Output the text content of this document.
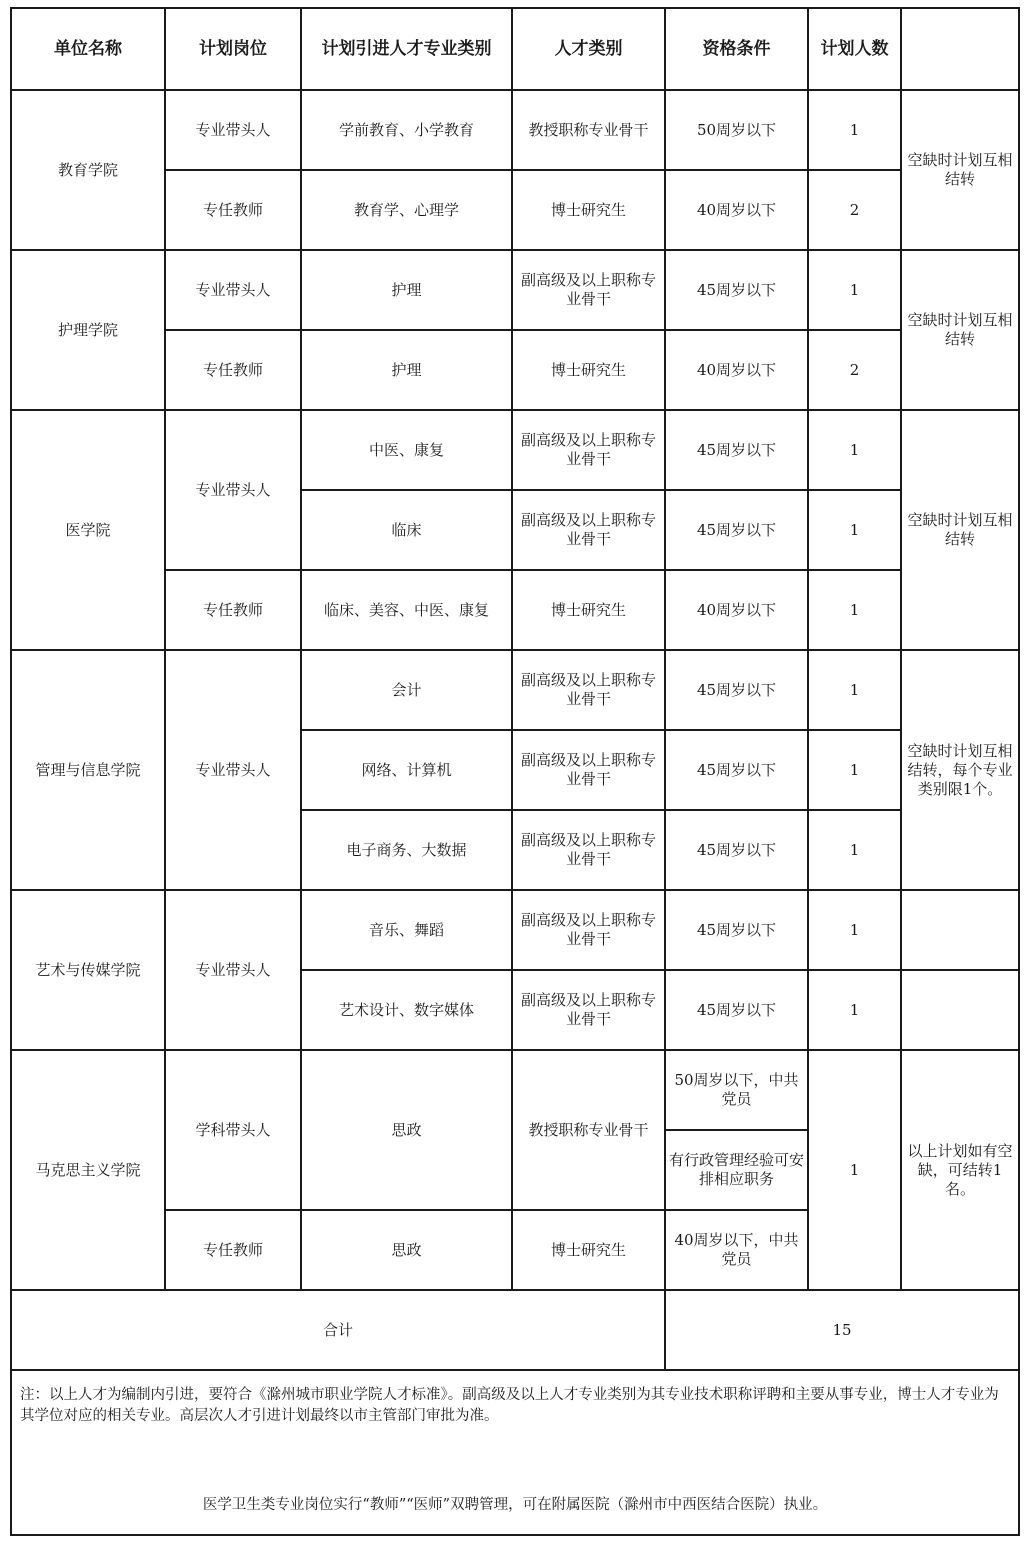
单位名称	计划岗位	计划引进人才专业类别	人才类别	资格条件	计划人数	
教育学院	专业带头人	学前教育、小学教育	教授职称专业骨干	50周岁以下	1	空缺时计划互相结转
	专任教师	教育学、心理学	博士研究生	40周岁以下	2	
护理学院	专业带头人	护理	副高级及以上职称专业骨干	45周岁以下	1	空缺时计划互相结转
	专任教师	护理	博士研究生	40周岁以下	2	
医学院	专业带头人	中医、康复	副高级及以上职称专业骨干	45周岁以下	1	空缺时计划互相结转
		临床	副高级及以上职称专业骨干	45周岁以下	1	
	专任教师	临床、美容、中医、康复	博士研究生	40周岁以下	1	
管理与信息学院	专业带头人	会计	副高级及以上职称专业骨干	45周岁以下	1	空缺时计划互相结转，每个专业类别限1个。
		网络、计算机	副高级及以上职称专业骨干	45周岁以下	1	
		电子商务、大数据	副高级及以上职称专业骨干	45周岁以下	1	
艺术与传媒学院	专业带头人	音乐、舞蹈	副高级及以上职称专业骨干	45周岁以下	1	
		艺术设计、数字媒体	副高级及以上职称专业骨干	45周岁以下	1	
马克思主义学院	学科带头人	思政	教授职称专业骨干	50周岁以下，中共党员	1	以上计划如有空缺，可结转1名。
				有行政管理经验可安排相应职务		
	专任教师	思政	博士研究生	40周岁以下，中共党员		
合计				15		

注：以上人才为编制内引进，要符合《滁州城市职业学院人才标准》。副高级及以上人才专业类别为其专业技术职称评聘和主要从事专业，博士人才专业为其学位对应的相关专业。高层次人才引进计划最终以市主管部门审批为准。

医学卫生类专业岗位实行“教师”“医师”双聘管理，可在附属医院（滁州市中西医结合医院）执业。						
